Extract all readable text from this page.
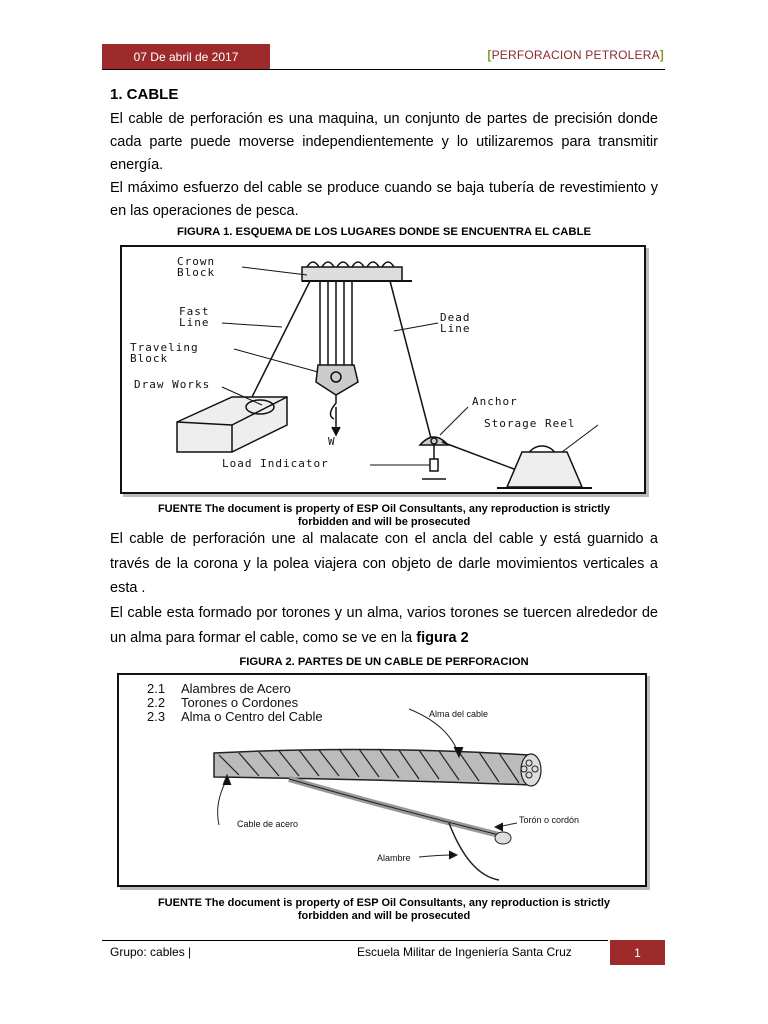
07 De abril de 2017	[PERFORACION PETROLERA]
1. CABLE
El cable de perforación es una maquina, un conjunto de partes de precisión donde cada parte puede moverse independientemente y lo utilizaremos para transmitir energía.
El máximo esfuerzo del cable se produce cuando se baja tubería de revestimiento y en las operaciones de pesca.
FIGURA 1. ESQUEMA DE LOS LUGARES DONDE SE ENCUENTRA EL CABLE
Crown
Block
Fast
Line
Traveling
Block
Draw Works
Dead
Line
Anchor
Storage Reel
Load Indicator
W
FUENTE The document is property of ESP Oil Consultants, any reproduction is strictly
forbidden and will be prosecuted
El cable de perforación une al malacate con el ancla del cable y está guarnido a través de la corona y la polea viajera con objeto de darle movimientos verticales a esta .
El cable esta formado por torones y un alma, varios torones se tuercen alrededor de un alma para formar el cable, como se ve en la figura 2
FIGURA 2. PARTES DE UN CABLE DE PERFORACION
2.1 Alambres de Acero
2.2 Torones o Cordones
2.3 Alma o Centro del Cable	Alma del cable
Cable de acero	Torón o cordón
Alambre
FUENTE The document is property of ESP Oil Consultants, any reproduction is strictly
forbidden and will be prosecuted
Grupo: cables |	Escuela Militar de Ingeniería Santa Cruz	1
